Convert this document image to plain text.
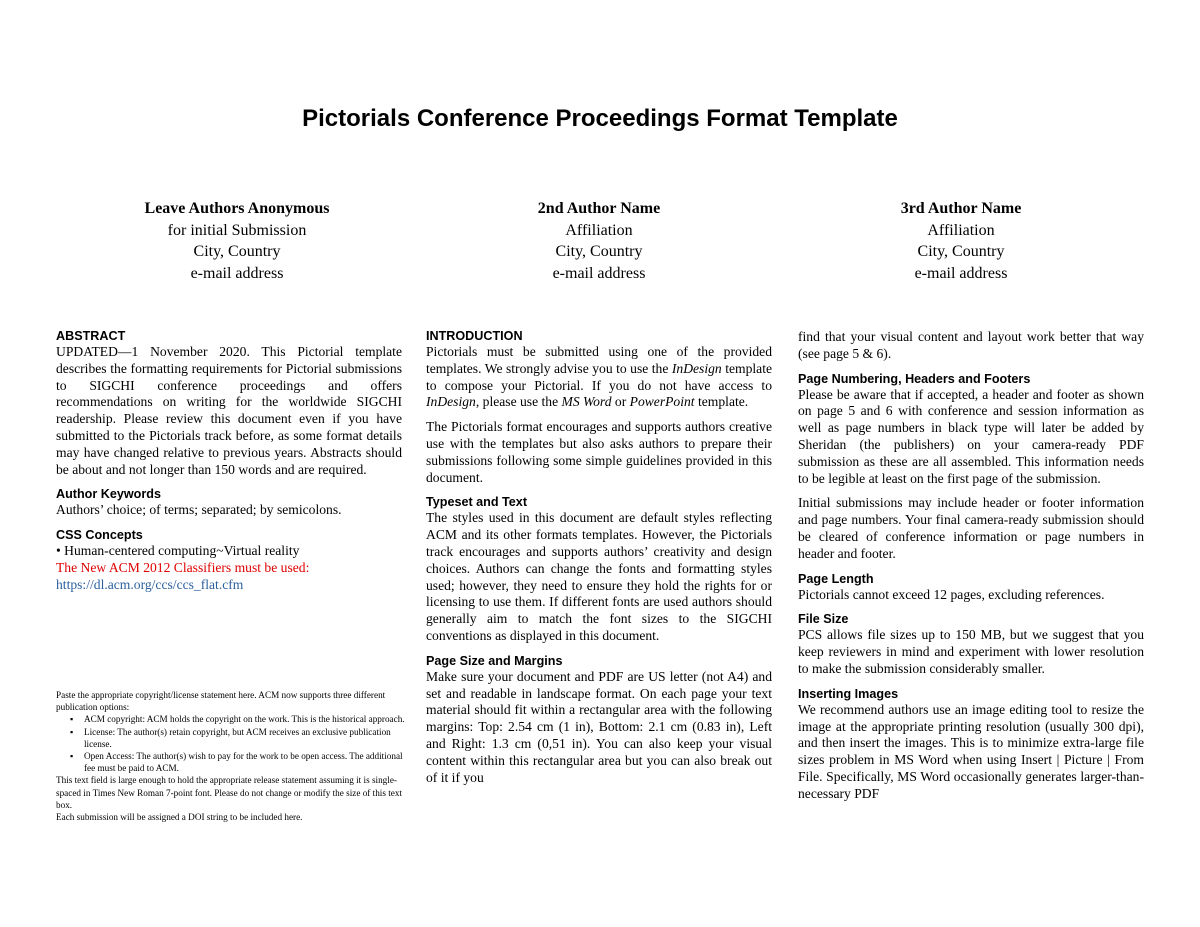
Pictorials Conference Proceedings Format Template
Leave Authors Anonymous
for initial Submission
City, Country
e-mail address
2nd Author Name
Affiliation
City, Country
e-mail address
3rd Author Name
Affiliation
City, Country
e-mail address
ABSTRACT

UPDATED—1 November 2020. This Pictorial template describes the formatting requirements for Pictorial submissions to SIGCHI conference proceedings and offers recommendations on writing for the worldwide SIGCHI readership. Please review this document even if you have submitted to the Pictorials track before, as some format details may have changed relative to previous years. Abstracts should be about and not longer than 150 words and are required.

Author Keywords

Authors’ choice; of terms; separated; by semicolons.

CSS Concepts
• Human-centered computing~Virtual reality
The New ACM 2012 Classifiers must be used:
https://dl.acm.org/ccs/ccs_flat.cfm
Paste the appropriate copyright/license statement here. ACM now supports three different publication options:
▪ ACM copyright: ACM holds the copyright on the work. This is the historical approach.
▪ License: The author(s) retain copyright, but ACM receives an exclusive publication license.
▪ Open Access: The author(s) wish to pay for the work to be open access. The additional fee must be paid to ACM.
This text field is large enough to hold the appropriate release statement assuming it is single-spaced in Times New Roman 7-point font. Please do not change or modify the size of this text box.
Each submission will be assigned a DOI string to be included here.
INTRODUCTION

Pictorials must be submitted using one of the provided templates. We strongly advise you to use the InDesign template to compose your Pictorial. If you do not have access to InDesign, please use the MS Word or PowerPoint template.

The Pictorials format encourages and supports authors creative use with the templates but also asks authors to prepare their submissions following some simple guidelines provided in this document.

Typeset and Text

The styles used in this document are default styles reflecting ACM and its other formats templates. However, the Pictorials track encourages and supports authors’ creativity and design choices. Authors can change the fonts and formatting styles used; however, they need to ensure they hold the rights for or licensing to use them. If different fonts are used authors should generally aim to match the font sizes to the SIGCHI conventions as displayed in this document.

Page Size and Margins

Make sure your document and PDF are US letter (not A4) and set and readable in landscape format. On each page your text material should fit within a rectangular area with the following margins: Top: 2.54 cm (1 in), Bottom: 2.1 cm (0.83 in), Left and Right: 1.3 cm (0,51 in). You can also keep your visual content within this rectangular area but you can also break out of it if you

find that your visual content and layout work better that way (see page 5 & 6).

Page Numbering, Headers and Footers

Please be aware that if accepted, a header and footer as shown on page 5 and 6 with conference and session information as well as page numbers in black type will later be added by Sheridan (the publishers) on your camera-ready PDF submission as these are all assembled. This information needs to be legible at least on the first page of the submission.

Initial submissions may include header or footer information and page numbers. Your final camera-ready submission should be cleared of conference information or page numbers in header and footer.

Page Length

Pictorials cannot exceed 12 pages, excluding references.

File Size

PCS allows file sizes up to 150 MB, but we suggest that you keep reviewers in mind and experiment with lower resolution to make the submission considerably smaller.

Inserting Images

We recommend authors use an image editing tool to resize the image at the appropriate printing resolution (usually 300 dpi), and then insert the images. This is to minimize extra-large file sizes problem in MS Word when using Insert | Picture | From File. Specifically, MS Word occasionally generates larger-than-necessary PDF
